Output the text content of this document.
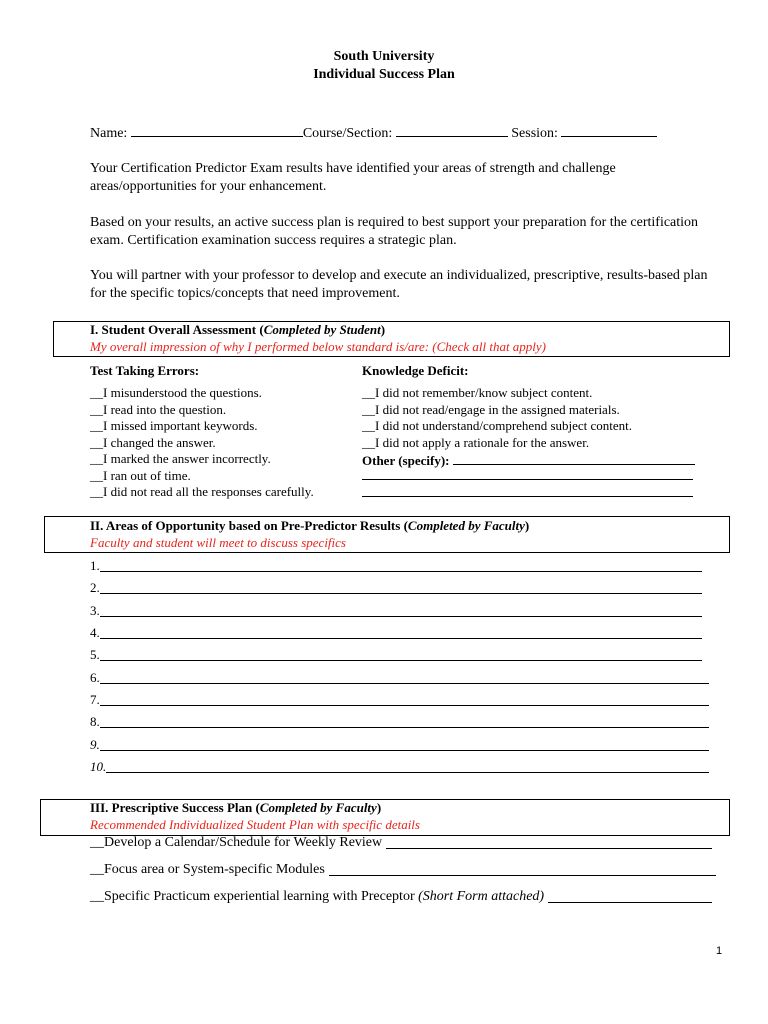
South University
Individual Success Plan
Name:	Course/Section:	Session:
Your Certification Predictor Exam results have identified your areas of strength and challenge areas/opportunities for your enhancement.
Based on your results, an active success plan is required to best support your preparation for the certification exam. Certification examination success requires a strategic plan.
You will partner with your professor to develop and execute an individualized, prescriptive, results-based plan for the specific topics/concepts that need improvement.
I. Student Overall Assessment (Completed by Student)
My overall impression of why I performed below standard is/are: (Check all that apply)
Test Taking Errors:
__I misunderstood the questions.
__I read into the question.
__I missed important keywords.
__I changed the answer.
__I marked the answer incorrectly.
__I ran out of time.
__I did not read all the responses carefully.
Knowledge Deficit:
__I did not remember/know subject content.
__I did not read/engage in the assigned materials.
__I did not understand/comprehend subject content.
__I did not apply a rationale for the answer.
Other (specify):
II. Areas of Opportunity based on Pre-Predictor Results (Completed by Faculty)
Faculty and student will meet to discuss specifics
1.
2.
3.
4.
5.
6.
7.
8.
9.
10.
III. Prescriptive Success Plan (Completed by Faculty)
Recommended Individualized Student Plan with specific details
__Develop a Calendar/Schedule for Weekly Review
__Focus area or System-specific Modules
__Specific Practicum experiential learning with Preceptor (Short Form attached)
1
